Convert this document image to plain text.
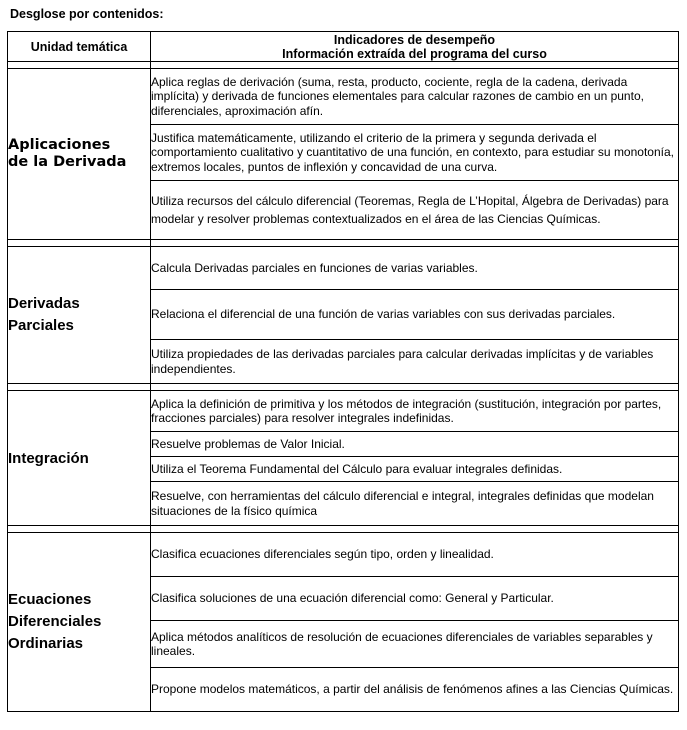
Desglose por contenidos:
Unidad temática	Indicadores de desempeño
Información extraída del programa del curso

Aplicaciones
de la Derivada	Aplica reglas de derivación (suma, resta, producto, cociente, regla de la cadena, derivada implícita) y derivada de funciones elementales para calcular razones de cambio en un punto, diferenciales, aproximación afín.
	Justifica matemáticamente, utilizando el criterio de la primera y segunda derivada el comportamiento cualitativo y cuantitativo de una función, en contexto, para estudiar su monotonía, extremos locales, puntos de inflexión y concavidad de una curva.
	Utiliza recursos del cálculo diferencial (Teoremas, Regla de L’Hopital, Álgebra de Derivadas) para modelar y resolver problemas contextualizados en el área de las Ciencias Químicas.

Derivadas
Parciales	Calcula Derivadas parciales en funciones de varias variables.
	Relaciona el diferencial de una función de varias variables con sus derivadas parciales.
	Utiliza propiedades de las derivadas parciales para calcular derivadas implícitas y de variables independientes.

Integración	Aplica la definición de primitiva y los métodos de integración (sustitución, integración por partes, fracciones parciales) para resolver integrales indefinidas.
	Resuelve problemas de Valor Inicial.
	Utiliza el Teorema Fundamental del Cálculo para evaluar integrales definidas.
	Resuelve, con herramientas del cálculo diferencial e integral, integrales definidas que modelan situaciones de la físico química

Ecuaciones
Diferenciales
Ordinarias	Clasifica ecuaciones diferenciales según tipo, orden y linealidad.
	Clasifica soluciones de una ecuación diferencial como: General y Particular.
	Aplica métodos analíticos de resolución de ecuaciones diferenciales de variables separables y lineales.
	Propone modelos matemáticos, a partir del análisis de fenómenos afines a las Ciencias Químicas.
